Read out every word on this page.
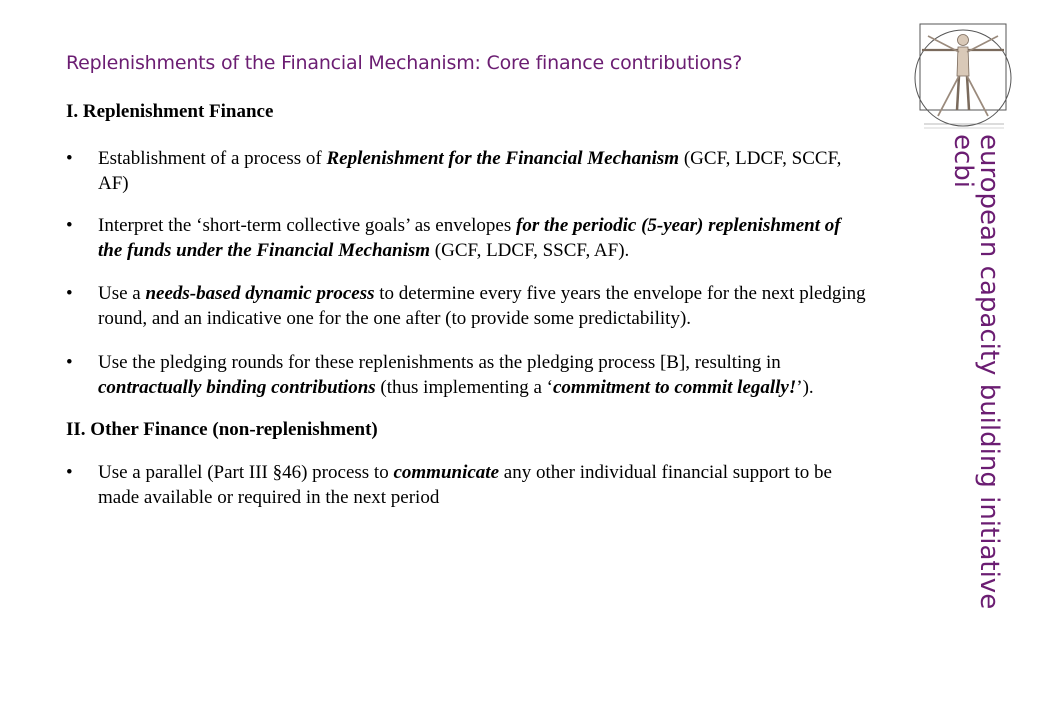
Replenishments of the Financial Mechanism: Core finance contributions?

I. Replenishment Finance

• Establishment of a process of Replenishment for the Financial Mechanism (GCF, LDCF, SCCF, AF)

• Interpret the ‘short-term collective goals’ as envelopes for the periodic (5-year) replenishment of the funds under the Financial Mechanism (GCF, LDCF, SSCF, AF).

• Use a needs-based dynamic process to determine every five years the envelope for the next pledging round, and an indicative one for the one after (to provide some predictability).

• Use the pledging rounds for these replenishments as the pledging process [B], resulting in contractually binding contributions (thus implementing a ‘commitment to commit legally!’).

II. Other Finance (non-replenishment)

• Use a parallel (Part III §46) process to communicate any other individual financial support to be made available or required in the next period	european capacity building initiative
ecbi
